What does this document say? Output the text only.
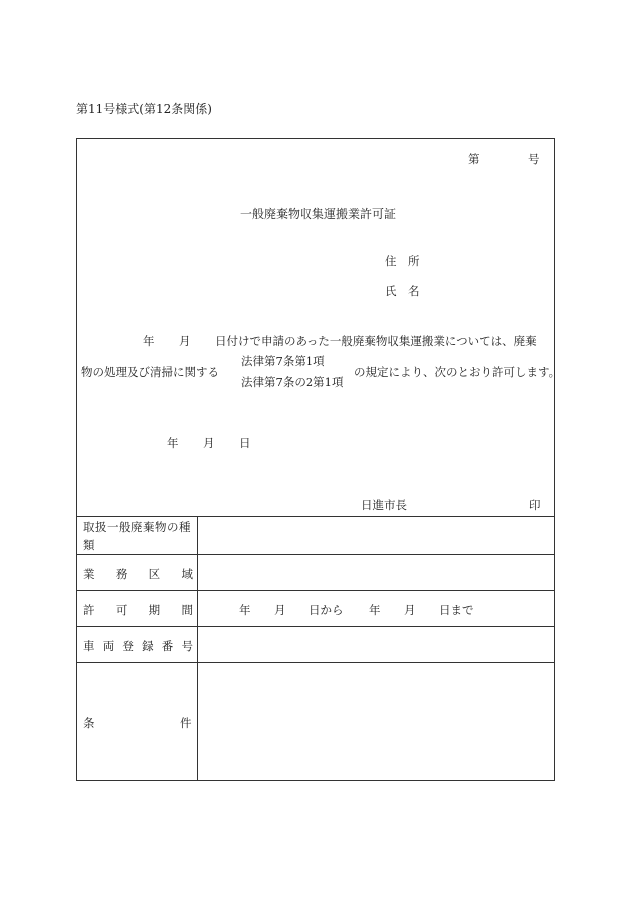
第11号様式(第12条関係)
第	号
一般廃棄物収集運搬業許可証
住　所
氏　名
年 月 日付けで申請のあった一般廃棄物収集運搬業については、廃棄
物の処理及び清掃に関する
法律第7条第1項
法律第7条の2第1項
の規定により、次のとおり許可します。
年 月 日
日進市長	印
取扱一般廃棄物の種類
業 務 区 域
許 可 期 間	年 月 日から 年 月 日まで
車 両 登 録 番 号
条	件
